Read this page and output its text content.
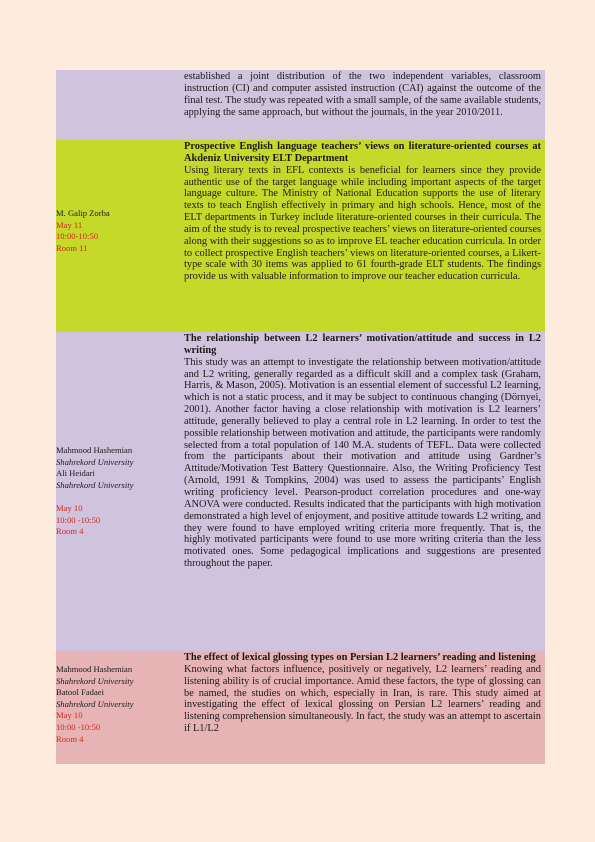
established a joint distribution of the two independent variables, classroom instruction (CI) and computer assisted instruction (CAI) against the outcome of the final test. The study was repeated with a small sample, of the same available students, applying the same approach, but without the journals, in the year 2010/2011.
M. Galip Zorba
May 11
10:00-10:50
Room 11
Prospective English language teachers’ views on literature-oriented courses at Akdeniz University ELT Department
Using literary texts in EFL contexts is beneficial for learners since they provide authentic use of the target language while including important aspects of the target language culture. The Ministry of National Education supports the use of literary texts to teach English effectively in primary and high schools. Hence, most of the ELT departments in Turkey include literature-oriented courses in their curricula. The aim of the study is to reveal prospective teachers’ views on literature-oriented courses along with their suggestions so as to improve EL teacher education curricula. In order to collect prospective English teachers’ views on literature-oriented courses, a Likert- type scale with 30 items was applied to 61 fourth-grade ELT students. The findings provide us with valuable information to improve our teacher education curricula.
Mahmood Hashemian
Shahrekord University
Ali Heidari
Shahrekord University
May 10
10:00 -10:50
Room 4
The relationship between L2 learners’ motivation/attitude and success in L2 writing
This study was an attempt to investigate the relationship between motivation/attitude and L2 writing, generally regarded as a difficult skill and a complex task (Graham, Harris, & Mason, 2005). Motivation is an essential element of successful L2 learning, which is not a static process, and it may be subject to continuous changing (Dörnyei, 2001). Another factor having a close relationship with motivation is L2 learners’ attitude, generally believed to play a central role in L2 learning. In order to test the possible relationship between motivation and attitude, the participants were randomly selected from a total population of 140 M.A. students of TEFL. Data were collected from the participants about their motivation and attitude using Gardner’s Attitude/Motivation Test Battery Questionnaire. Also, the Writing Proficiency Test (Arnold, 1991 & Tompkins, 2004) was used to assess the participants’ English writing proficiency level. Pearson-product correlation procedures and one-way ANOVA were conducted. Results indicated that the participants with high motivation demonstrated a high level of enjoyment, and positive attitude towards L2 writing, and they were found to have employed writing criteria more frequently. That is, the highly motivated participants were found to use more writing criteria than the less motivated ones. Some pedagogical implications and suggestions are presented throughout the paper.
Mahmood Hashemian
Shahrekord University
Batool Fadaei
Shahrekord University
May 10
10:00 -10:50
Room 4
The effect of lexical glossing types on Persian L2 learners’ reading and listening
Knowing what factors influence, positively or negatively, L2 learners’ reading and listening ability is of crucial importance. Amid these factors, the type of glossing can be named, the studies on which, especially in Iran, is rare. This study aimed at investigating the effect of lexical glossing on Persian L2 learners’ reading and listening comprehension simultaneously. In fact, the study was an attempt to ascertain if L1/L2
